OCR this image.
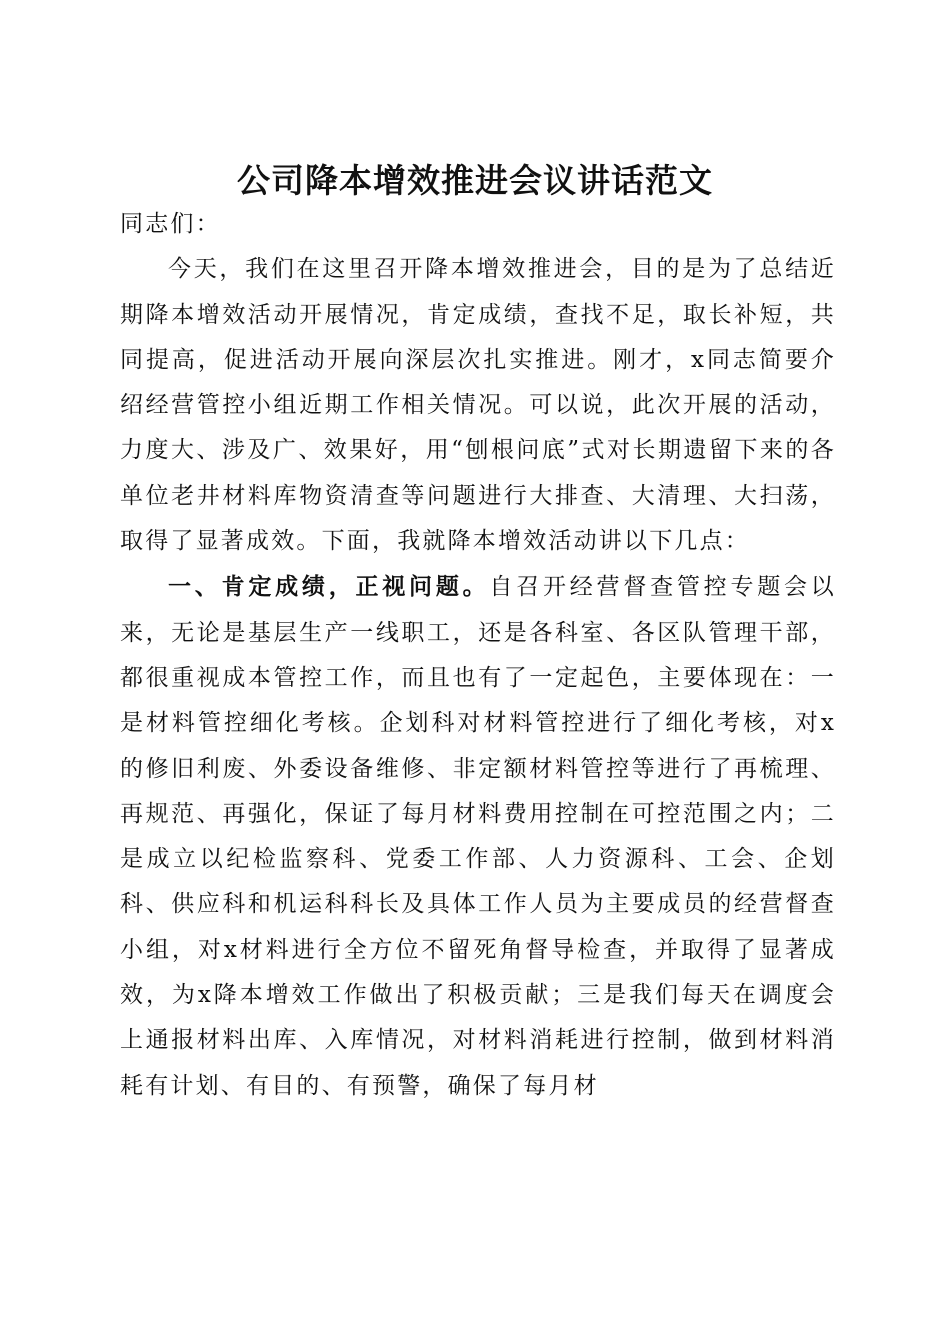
公司降本增效推进会议讲话范文

同志们：

今天，我们在这里召开降本增效推进会，目的是为了总结近期降本增效活动开展情况，肯定成绩，查找不足，取长补短，共同提高，促进活动开展向深层次扎实推进。刚才，x同志简要介绍经营管控小组近期工作相关情况。可以说，此次开展的活动，力度大、涉及广、效果好，用“刨根问底”式对长期遗留下来的各单位老井材料库物资清查等问题进行大排查、大清理、大扫荡，取得了显著成效。下面，我就降本增效活动讲以下几点：

一、肯定成绩，正视问题。自召开经营督查管控专题会以来，无论是基层生产一线职工，还是各科室、各区队管理干部，都很重视成本管控工作，而且也有了一定起色，主要体现在：一是材料管控细化考核。企划科对材料管控进行了细化考核，对x的修旧利废、外委设备维修、非定额材料管控等进行了再梳理、再规范、再强化，保证了每月材料费用控制在可控范围之内；二是成立以纪检监察科、党委工作部、人力资源科、工会、企划科、供应科和机运科科长及具体工作人员为主要成员的经营督查小组，对x材料进行全方位不留死角督导检查，并取得了显著成效，为x降本增效工作做出了积极贡献；三是我们每天在调度会上通报材料出库、入库情况，对材料消耗进行控制，做到材料消耗有计划、有目的、有预警，确保了每月材
